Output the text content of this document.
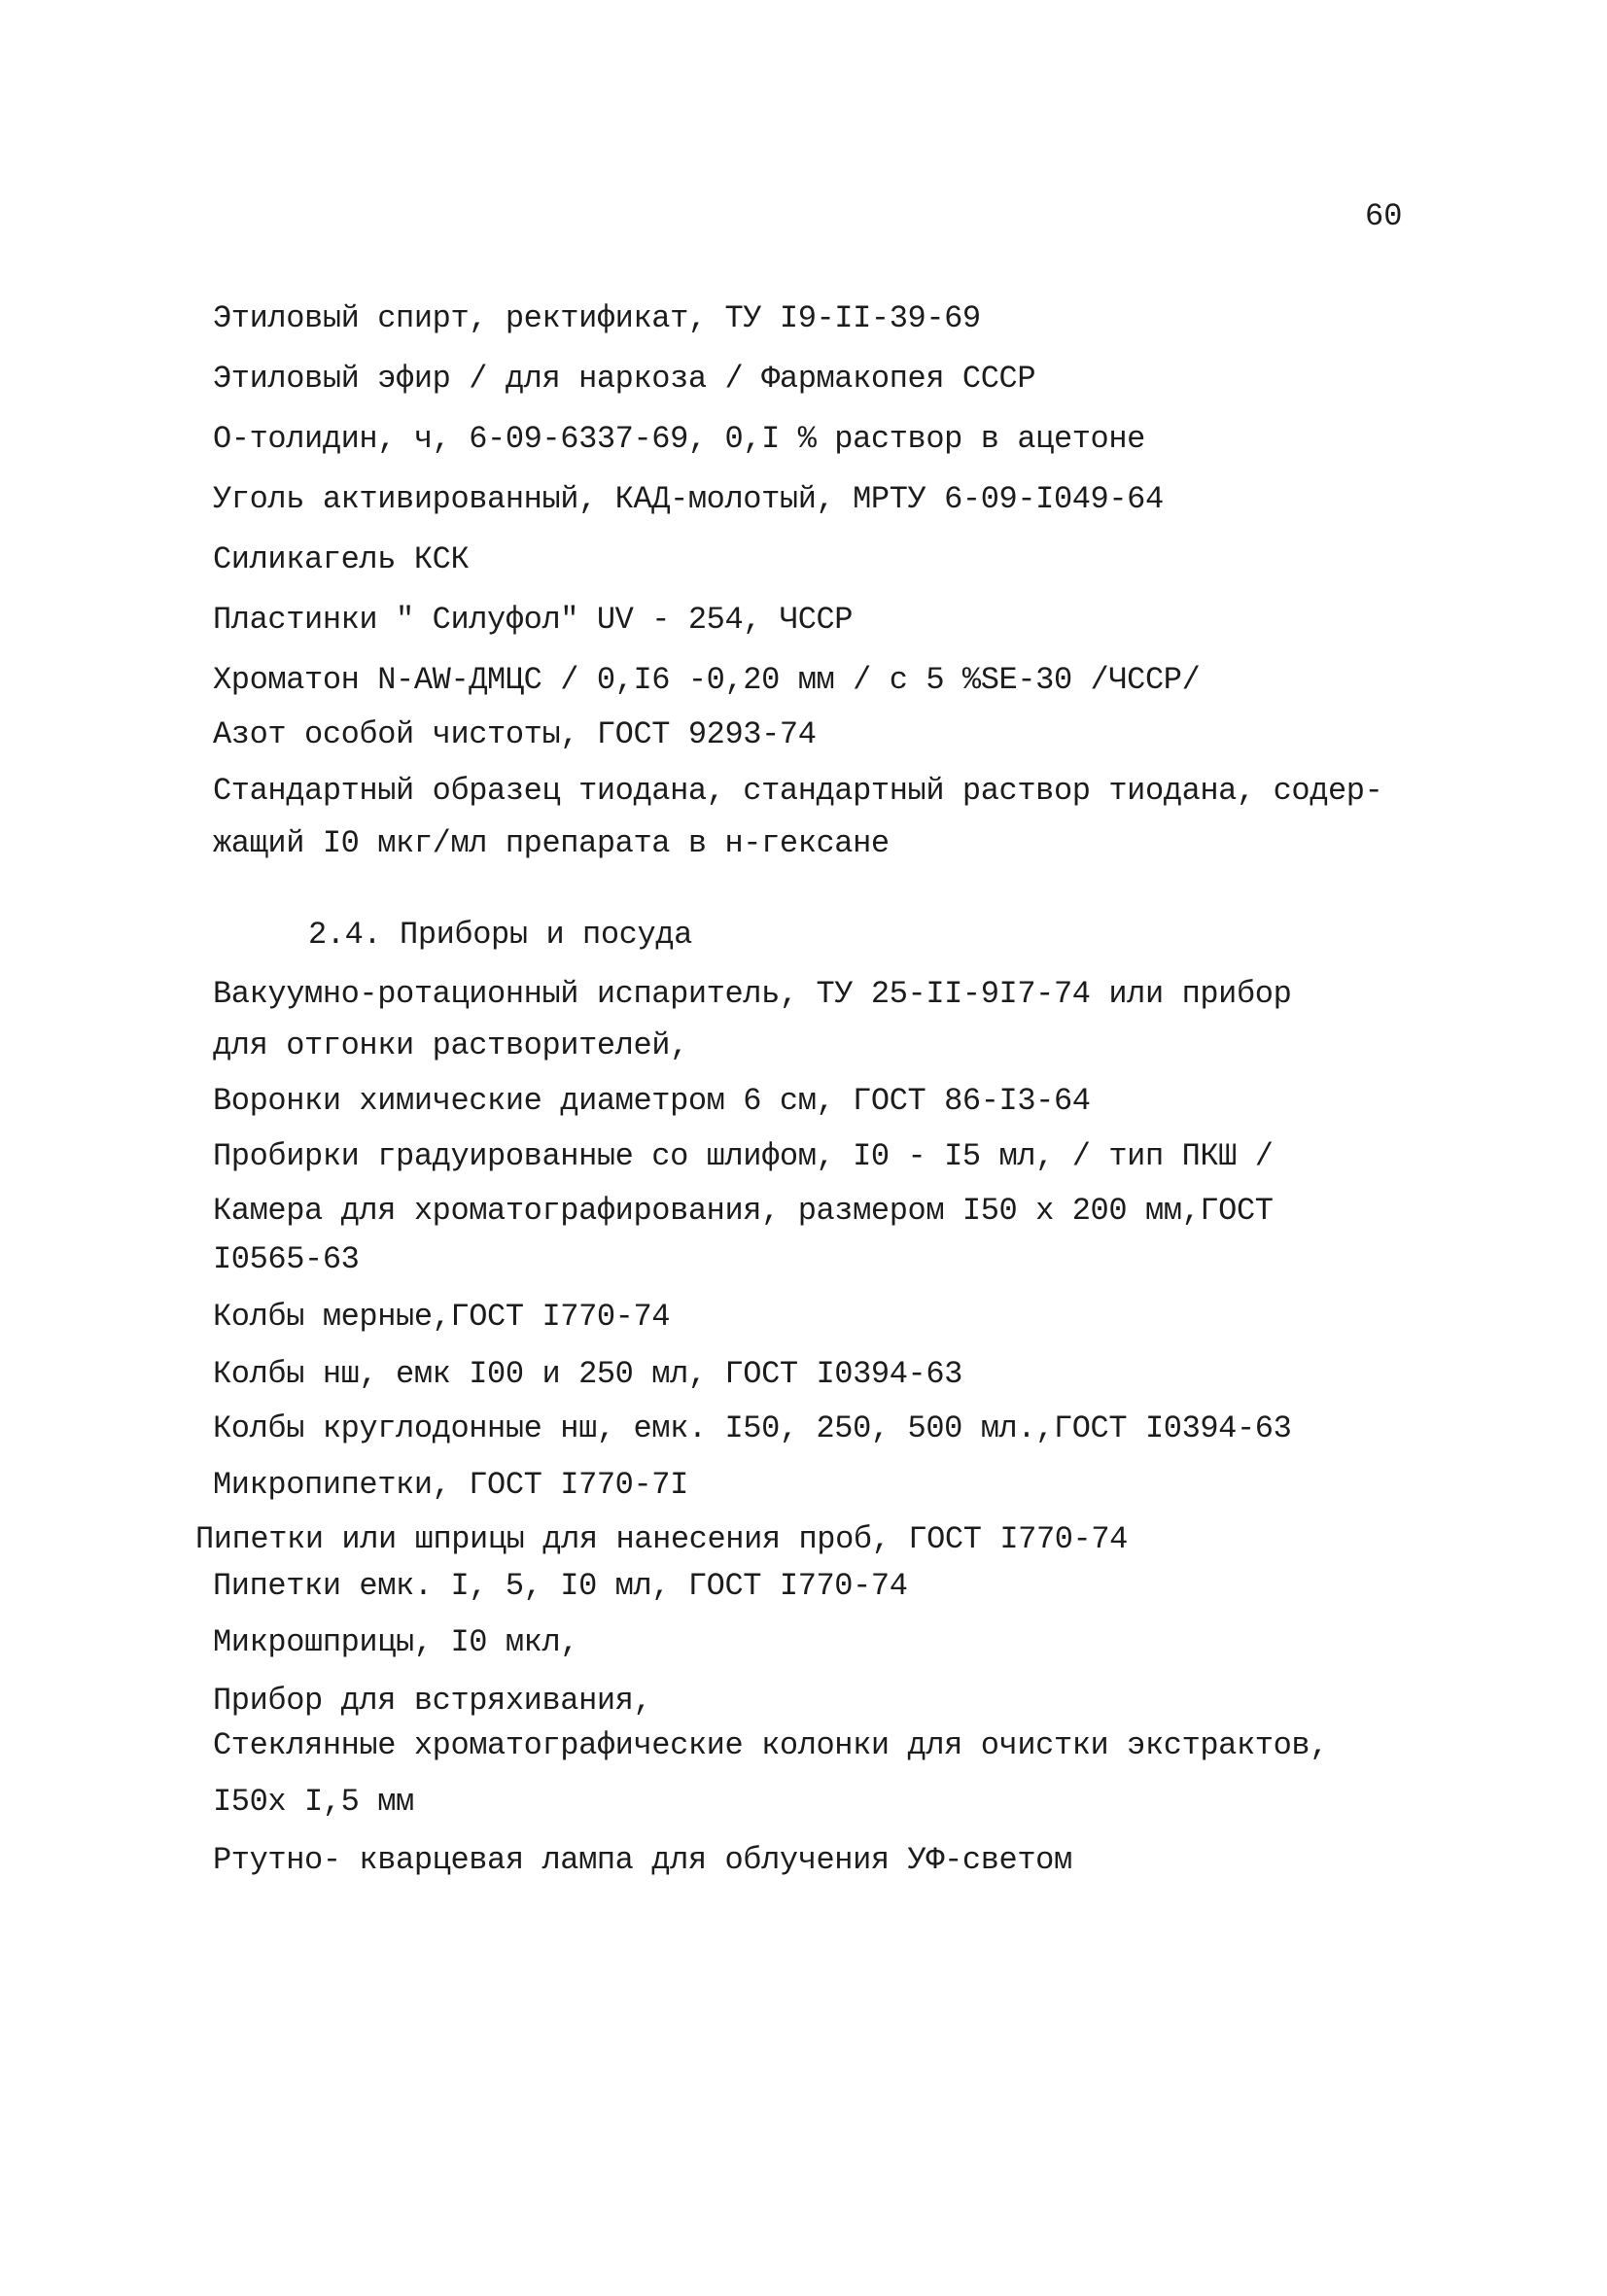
60
Этиловый спирт, ректификат, ТУ I9-II-39-69
Этиловый эфир / для наркоза / Фармакопея СССР
О-толидин, ч, 6-09-6337-69, 0,I % раствор в ацетоне
Уголь активированный, КАД-молотый, МРТУ 6-09-I049-64
Силикагель КСК
Пластинки " Силуфол" UV - 254, ЧССР
Хроматон N-AW-ДМЦС / 0,I6 -0,20 мм / с 5 %SE-30 /ЧССР/
Азот особой чистоты, ГОСТ 9293-74
Стандартный образец тиодана, стандартный раствор тиодана, содер-
жащий I0 мкг/мл препарата в н-гексане
2.4. Приборы и посуда
Вакуумно-ротационный испаритель, ТУ 25-II-9I7-74 или прибор
для отгонки растворителей,
Воронки химические диаметром 6 см, ГОСТ 86-I3-64
Пробирки градуированные со шлифом, I0 - I5 мл, / тип ПКШ /
Камера для хроматографирования, размером I50 x 200 мм,ГОСТ
I0565-63
Колбы мерные,ГОСТ I770-74
Колбы нш, емк I00 и 250 мл, ГОСТ I0394-63
Колбы круглодонные нш, емк. I50, 250, 500 мл.,ГОСТ I0394-63
Микропипетки, ГОСТ I770-7I
Пипетки или шприцы для нанесения проб, ГОСТ I770-74
Пипетки емк. I, 5, I0 мл, ГОСТ I770-74
Микрошприцы, I0 мкл,
Прибор для встряхивания,
Стеклянные хроматографические колонки для очистки экстрактов,
I50x I,5 мм
Ртутно- кварцевая лампа для облучения УФ-светом
